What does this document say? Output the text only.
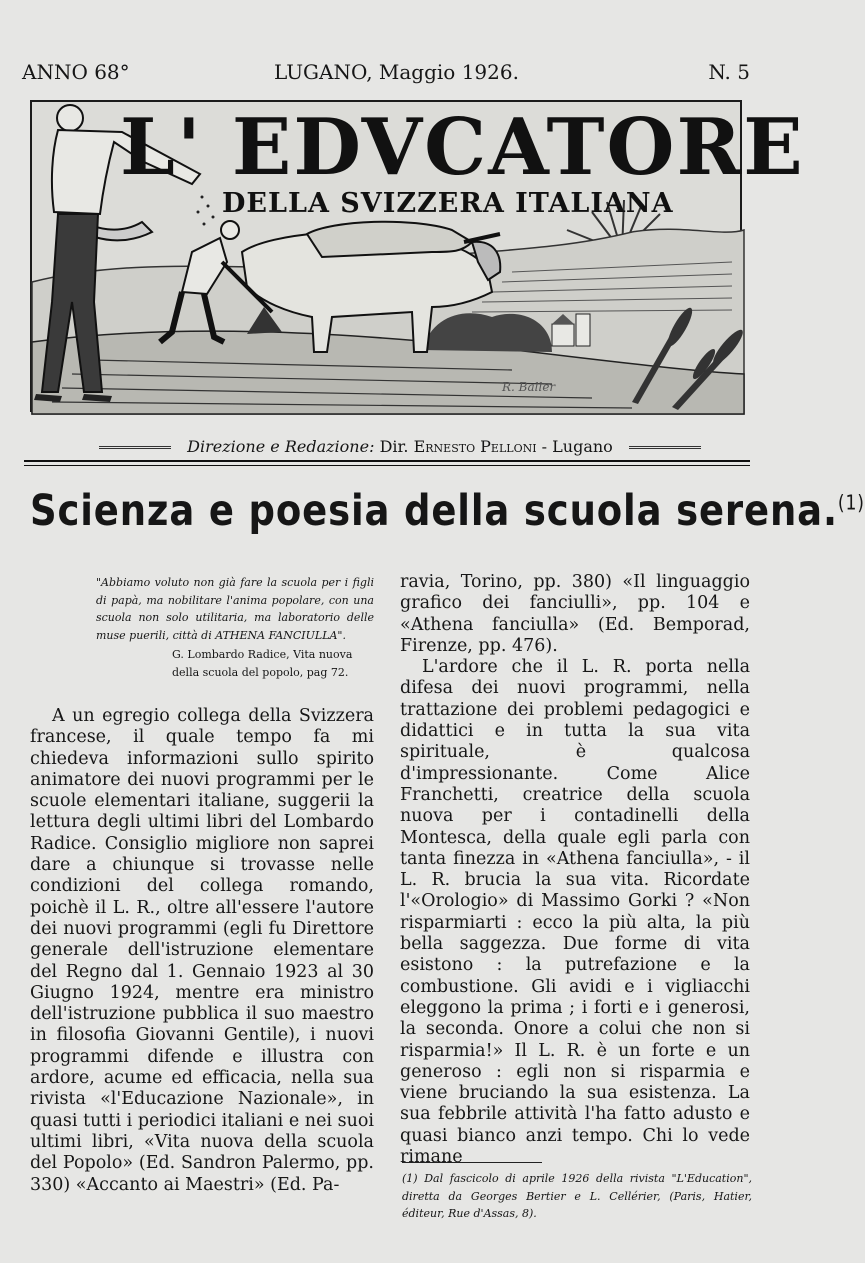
ANNO 68°	LUGANO, Maggio 1926.	N. 5
L' EDVCATORE
DELLA SVIZZERA ITALIANA
R. Baller
Direzione e Redazione: Dir. Ernesto Pelloni - Lugano
Scienza e poesia della scuola serena.$^{(1)}$

"Abbiamo voluto non già fare la scuola per i figli di papà, ma nobilitare l'anima popolare, con una scuola non solo utilitaria, ma laboratorio delle muse puerili, città di ATHENA FANCIULLA".

G. Lombardo Radice, Vita nuova della scuola del popolo, pag 72.

A un egregio collega della Svizzera francese, il quale tempo fa mi chiedeva informazioni sullo spirito animatore dei nuovi programmi per le scuole elementari italiane, suggerii la lettura degli ultimi libri del Lombardo Radice. Consiglio migliore non saprei dare a chiunque si trovasse nelle condizioni del collega romando, poichè il L. R., oltre all'essere l'autore dei nuovi programmi (egli fu Direttore generale dell'istruzione elementare del Regno dal 1. Gennaio 1923 al 30 Giugno 1924, mentre era ministro dell'istruzione pubblica il suo maestro in filosofia Giovanni Gentile), i nuovi programmi difende e illustra con ardore, acume ed efficacia, nella sua rivista «l'Educazione Nazionale», in quasi tutti i periodici italiani e nei suoi ultimi libri, «Vita nuova della scuola del Popolo» (Ed. Sandron Palermo, pp. 330) «Accanto ai Maestri» (Ed. Pa-

ravia, Torino, pp. 380) «Il linguaggio grafico dei fanciulli», pp. 104 e «Athena fanciulla» (Ed. Bemporad, Firenze, pp. 476).

L'ardore che il L. R. porta nella difesa dei nuovi programmi, nella trattazione dei problemi pedagogici e didattici e in tutta la sua vita spirituale, è qualcosa d'impressionante. Come Alice Franchetti, creatrice della scuola nuova per i contadinelli della Montesca, della quale egli parla con tanta finezza in «Athena fanciulla», - il L. R. brucia la sua vita. Ricordate l'«Orologio» di Massimo Gorki ? «Non risparmiarti : ecco la più alta, la più bella saggezza. Due forme di vita esistono : la putrefazione e la combustione. Gli avidi e i vigliacchi eleggono la prima ; i forti e i generosi, la seconda. Onore a colui che non si risparmia!» Il L. R. è un forte e un generoso : egli non si risparmia e viene bruciando la sua esistenza. La sua febbrile attività l'ha fatto adusto e quasi bianco anzi tempo. Chi lo vede rimane

(1) Dal fascicolo di aprile 1926 della rivista "L'Education", diretta da Georges Bertier e L. Cellérier, (Paris, Hatier, éditeur, Rue d'Assas, 8).
